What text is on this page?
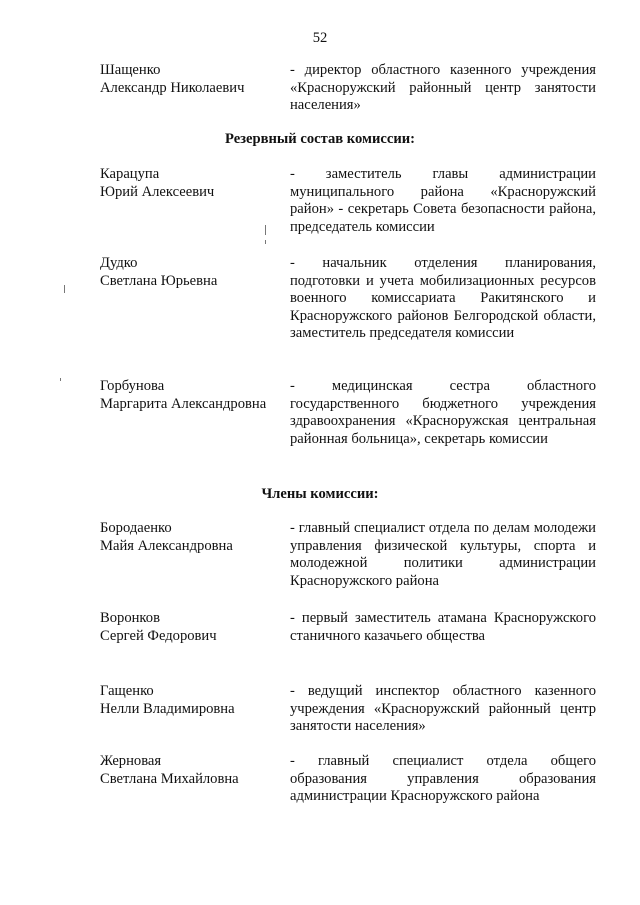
52
Шащенко
Александр Николаевич
- директор областного казенного учреждения «Красноружский районный центр занятости населения»
Резервный состав комиссии:
Карацупа
Юрий Алексеевич
- заместитель главы администрации муниципального района «Красноружский район» - секретарь Совета безопасности района, председатель комиссии
Дудко
Светлана Юрьевна
- начальник отделения планирования, подготовки и учета мобилизационных ресурсов военного комиссариата Ракитянского и Красноружского районов Белгородской области, заместитель председателя комиссии
Горбунова
Маргарита Александровна
- медицинская сестра областного государственного бюджетного учреждения здравоохранения «Красноружская центральная районная больница», секретарь комиссии
Члены комиссии:
Бородаенко
Майя Александровна
- главный специалист отдела по делам молодежи управления физической культуры, спорта и молодежной политики администрации Красноружского района
Воронков
Сергей Федорович
- первый заместитель атамана Красноружского станичного казачьего общества
Гащенко
Нелли Владимировна
- ведущий инспектор областного казенного учреждения «Красноружский районный центр занятости населения»
Жерновая
Светлана Михайловна
- главный специалист отдела общего образования управления образования администрации Красноружского района
